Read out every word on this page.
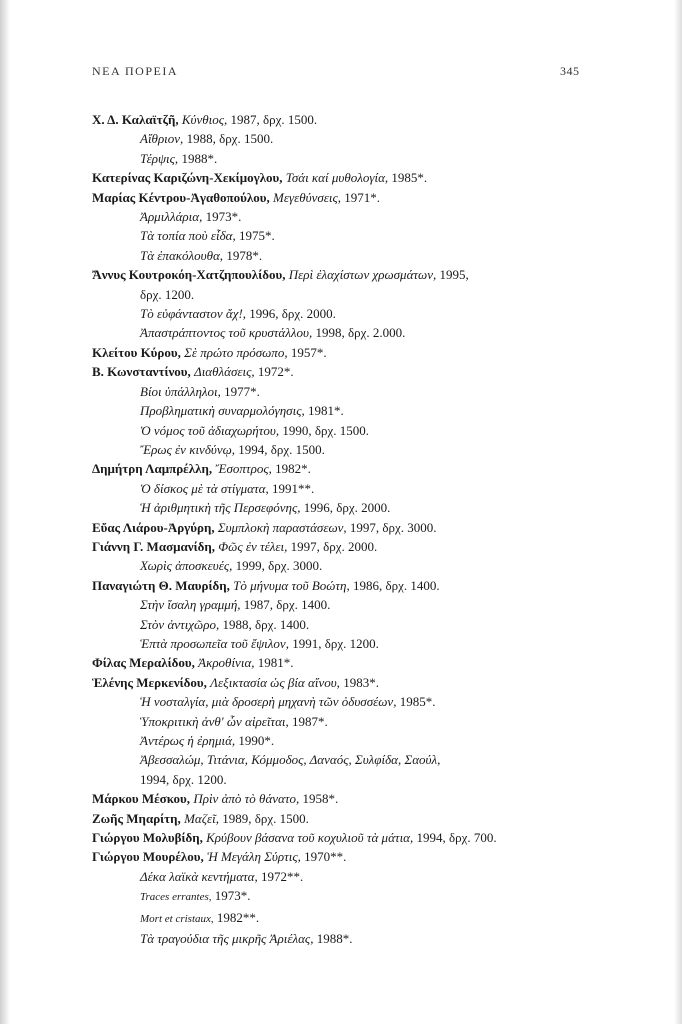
ΝΕΑ ΠΟΡΕΙΑ	345
Χ. Δ. Καλαϊτζῆ, Κύνθιος, 1987, δρχ. 1500.
Αἴθριον, 1988, δρχ. 1500.
Τέρψις, 1988*.
Κατερίνας Καριζώνη-Χεκίμογλου, Τσάι καί μυθολογία, 1985*.
Μαρίας Κέντρου-Ἀγαθοπούλου, Μεγεθύνσεις, 1971*.
Ἀρμιλλάρια, 1973*.
Τὰ τοπία ποὺ εἶδα, 1975*.
Τὰ ἐπακόλουθα, 1978*.
Ἄννυς Κουτροκόη-Χατζηπουλίδου, Περὶ ἐλαχίστων χρωσμάτων, 1995,
δρχ. 1200.
Τὸ εὐφάνταστον ἄχ!, 1996, δρχ. 2000.
Ἀπαστράπτοντος τοῦ κρυστάλλου, 1998, δρχ. 2.000.
Κλείτου Κύρου, Σὲ πρώτο πρόσωπο, 1957*.
Β. Κωνσταντίνου, Διαθλάσεις, 1972*.
Βίοι ὑπάλληλοι, 1977*.
Προβληματικὴ συναρμολόγησις, 1981*.
Ὁ νόμος τοῦ ἀδιαχωρήτου, 1990, δρχ. 1500.
Ἔρως ἐν κινδύνῳ, 1994, δρχ. 1500.
Δημήτρη Λαμπρέλλη, Ἔσοπτρος, 1982*.
Ὁ δίσκος μὲ τὰ στίγματα, 1991**.
Ἡ ἀριθμητικὴ τῆς Περσεφόνης, 1996, δρχ. 2000.
Εὔας Λιάρου-Ἀργύρη, Συμπλοκὴ παραστάσεων, 1997, δρχ. 3000.
Γιάννη Γ. Μασμανίδη, Φῶς ἐν τέλει, 1997, δρχ. 2000.
Χωρὶς ἀποσκευές, 1999, δρχ. 3000.
Παναγιώτη Θ. Μαυρίδη, Τὸ μήνυμα τοῦ Βοώτη, 1986, δρχ. 1400.
Στὴν ἴσαλη γραμμή, 1987, δρχ. 1400.
Στὸν ἀντιχῶρο, 1988, δρχ. 1400.
Ἑπτὰ προσωπεῖα τοῦ ἔψιλον, 1991, δρχ. 1200.
Φίλας Μεραλίδου, Ἀκροθίνια, 1981*.
Ἑλένης Μερκενίδου, Λεξικτασία ὡς βία αἴνου, 1983*.
Ἡ νοσταλγία, μιὰ δροσερὴ μηχανὴ τῶν ὀδυσσέων, 1985*.
Ὑποκριτικὴ ἀνθ' ὧν αἱρεῖται, 1987*.
Ἀντέρως ἡ ἐρημιά, 1990*.
Ἀβεσσαλώμ, Τιτάνια, Κόμμοδος, Δαναός, Συλφίδα, Σαούλ,
1994, δρχ. 1200.
Μάρκου Μέσκου, Πρὶν ἀπὸ τὸ θάνατο, 1958*.
Ζωῆς Μηαρίτη, Μαζεῖ, 1989, δρχ. 1500.
Γιώργου Μολυβίδη, Κρύβουν βάσανα τοῦ κοχυλιοῦ τὰ μάτια, 1994, δρχ. 700.
Γιώργου Μουρέλου, Ἡ Μεγάλη Σύρτις, 1970**.
Δέκα λαϊκὰ κεντήματα, 1972**.
Traces errantes, 1973*.
Mort et cristaux, 1982**.
Τὰ τραγούδια τῆς μικρῆς Ἀριέλας, 1988*.
